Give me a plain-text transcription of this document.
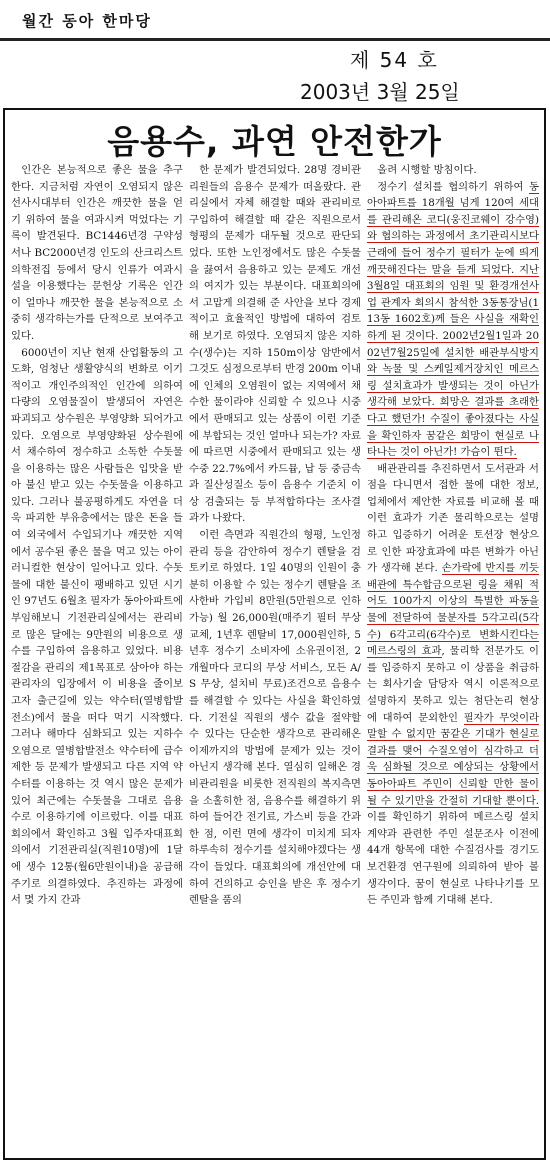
월간 동아 한마당
제 54 호
2003년 3월 25일
음용수, 과연 안전한가

인간은 본능적으로 좋은 물을 추구한다. 지금처럼 자연이 오염되지 않은 선사시대부터 인간은 깨끗한 물을 얻기 위하여 물을 여과시켜 먹었다는 기록이 발견된다. BC1446년경 구약성서나 BC2000년경 인도의 산크리스트 의학전집 등에서 당시 인류가 여과시설을 이용했다는 문헌상 기록은 인간이 얼마나 깨끗한 물을 본능적으로 소중히 생각하는가를 단적으로 보여주고 있다.

6000년이 지난 현재 산업활동의 고도화, 엄청난 생활양식의 변화로 이기적이고 개인주의적인 인간에 의하여 다량의 오염물질이 발생되어 자연은 파괴되고 상수원은 부영양화 되어가고 있다. 오염으로 부영양화된 상수원에서 채수하여 정수하고 소독한 수돗물을 이용하는 많은 사람들은 입맛을 받아 불신 받고 있는 수돗물을 이용하고 있다. 그러나 불공평하게도 자연을 더욱 파괴한 부유층에서는 많은 돈을 들여 외국에서 수입되기나 깨끗한 지역에서 공수된 좋은 물을 먹고 있는 아이러니컬한 현상이 일어나고 있다. 수돗물에 대한 불신이 팽배하고 있던 시기인 97년도 6월초 필자가 동아아파트에 부임해보니 기전관리실에서는 관리비로 많은 달에는 9만원의 비용으로 생수를 구입하여 음용하고 있었다. 비용절감을 관리의 제1목표로 삼아야 하는 관리자의 입장에서 이 비용을 줄이보고자 출근길에 있는 약수터(열병합발전소)에서 물을 떠다 먹기 시작했다. 그러나 해마다 심화되고 있는 지하수 오염으로 열병합발전소 약수터에 급수제한 등 문제가 발생되고 다른 지역 약수터를 이용하는 것 역시 많은 문제가 있어 최근에는 수돗물을 그대로 음용수로 이용하기에 이르렀다. 이를 대표회의에서 확인하고 3월 입주자대표회의에서 기전관리실(직원10명)에 1달에 생수 12통(월6만원이내)을 공급해 주기로 의결하였다. 추진하는 과정에서 몇 가지 간과

한 문제가 발견되었다. 28명 경비관리원들의 음용수 문제가 떠올랐다. 관리실에서 자체 해결할 때와 관리비로 구입하여 해결할 때 같은 직원으로서 형평의 문제가 대두될 것으로 판단되었다. 또한 노인정에서도 많은 수돗물을 끓여서 음용하고 있는 문제도 개선의 여지가 있는 부분이다. 대표회의에서 고맙게 의결해 준 사안을 보다 경제적이고 효율적인 방법에 대하여 검토해 보기로 하였다. 오염되지 않은 지하수(생수)는 지하 150m이상 암반에서 그것도 심정으로부터 반경 200m 이내에 인체의 오염원이 없는 지역에서 채수한 물이라야 신뢰할 수 있으나 시중에서 판매되고 있는 상품이 이런 기준에 부합되는 것인 얼마나 되는가? 자료에 따르면 시중에서 판매되고 있는 생수중 22.7%에서 카드뮴, 납 등 중금속과 질산성질소 등이 음용수 기준치 이상 검출되는 등 부적합하다는 조사결과가 나왔다.

이런 측면과 직원간의 형평, 노인정 관리 등을 감안하여 정수기 렌탈을 검토키로 하였다. 1일 40명의 인원이 충분히 이용할 수 있는 정수기 렌탈을 조사한바 가입비 8만원(5만원으로 인하가능) 월 26,000원(매주기 필터 무상교체, 1년후 렌탈비 17,000원인하, 5년후 정수기 소비자에 소유권이전, 2개월마다 코디의 무상 서비스, 모든 A/S 무상, 설치비 무료)조건으로 음용수를 해결할 수 있다는 사실을 확인하였다. 기전실 직원의 생수 값을 절약할 수 있다는 단순한 생각으로 관리해온 이제까지의 방법에 문제가 있는 것이 아닌지 생각해 본다. 열심히 일해온 경비관리원을 비롯한 전직원의 복지측면을 소홀히한 점, 음용수를 해결하기 위하여 들어간 전기료, 가스비 등을 간과한 점, 이런 면에 생각이 미치게 되자 하루속히 정수기를 설치해야겠다는 생각이 들었다. 대표회의에 개선안에 대하여 건의하고 승인을 받은 후 정수기렌탈을 품의

올려 시행할 방침이다.

정수기 설치를 협의하기 위하여 동아아파트를 18개월 넘게 120여 세대를 관리해온 코디(웅진코웨이 강수영)와 협의하는 과정에서 초기관리시보다 근래에 들어 정수기 필터가 눈에 띄게 깨끗해진다는 말을 듣게 되었다. 지난 3월8일 대표회의 임원 및 환경개선사업 관계자 회의시 참석한 3동통장님(113동 1602호)께 들은 사실을 재확인하게 된 것이다. 2002년2월1일과 2002년7월25일에 설치한 배관부식방지와 녹물 및 스케일제거장치인 메르스링 설치효과가 발생되는 것이 아닌가 생각해 보았다. 희망은 결과를 초래한다고 했던가! 수질이 좋아졌다는 사실을 확인하자 꿈같은 희망이 현실로 나타나는 것이 아닌가! 가슴이 뛴다.

배관관리를 추진하면서 도서관과 서점을 다니면서 접한 물에 대한 정보, 업체에서 제안한 자료를 비교해 볼 때 이런 효과가 기존 물리학으로는 설명하고 입증하기 어려운 토션장 현상으로 인한 파장효과에 따른 변화가 아닌가 생각해 본다. 손가락에 반지를 끼듯 배관에 특수합금으로된 링을 채워 적어도 100가지 이상의 특별한 파동을 물에 전달하여 물분자를 5각고리(5각수) 6각고리(6각수)로 변화시킨다는 메르스링의 효과, 물리학 전문가도 이를 입증하지 못하고 이 상품을 취급하는 회사기술 담당자 역시 이론적으로 설명하지 못하고 있는 첨단논리 현상에 대하여 문외한인 필자가 무엇이라 말할 수 없지만 꿈같은 기대가 현실로 결과를 맺어 수질오염이 심각하고 더욱 심화될 것으로 예상되는 상황에서 동아아파트 주민이 신뢰할 만한 물이 될 수 있기만을 간절히 기대할 뿐이다. 이를 확인하기 위하여 메르스링 설치 계약과 관련한 주민 설문조사 이전에 44개 항목에 대한 수질검사를 경기도 보건환경 연구원에 의뢰하여 받아 볼 생각이다. 꿈이 현실로 나타나기를 모든 주민과 함께 기대해 본다.
